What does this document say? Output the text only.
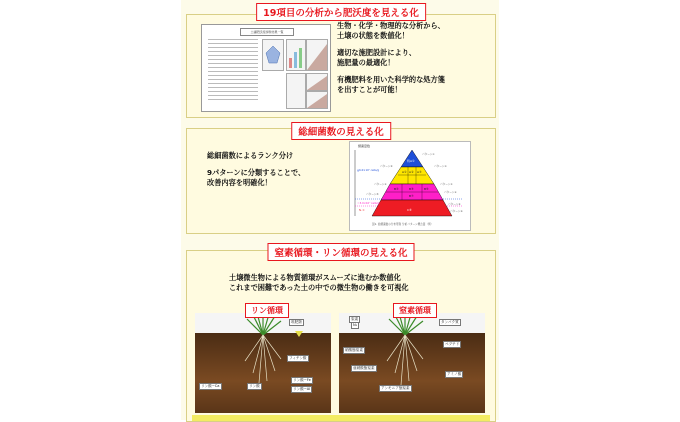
19項目の分析から肥沃度を見える化
土壌肥沃度診断結果一覧
生物・化学・物理的な分析から、
土壌の状態を数値化！
適切な施肥設計により、
施肥量の最適化！
有機肥料を用いた科学的な処方箋
を出すことが可能！
総細菌数の見える化
総細菌数によるランク分け
9パターンに分類することで、
改善内容を明確化！
細菌量数
≧6.0×10⁸ cells/g
＜3.0×10⁸ cells/g
N. C
特A①
A① A② A③
B④	B⑤	B⑥
B⑦
C⑧
パターン①
パターン②	パターン③
パターン④	パターン⑤
パターン⑥
パターン⑦
パターン⑧
パターン⑨
図1. 総細菌数の分布帯別 分析パターン概念図（例）
窒素循環・リン循環の見える化
土壌微生物による物質循環がスムーズに進むか数値化
これまで困難であった土の中での微生物の働きを可視化
リン循環
堆肥類
フィチン酸
リン酸−Ca	リン酸
リン酸−Fe
リン酸−Al
窒素循環
窒素
N₂
タンパク質
ペプチド
アミノ酸
硝酸態窒素
亜硝酸態窒素
アンモニア態窒素
